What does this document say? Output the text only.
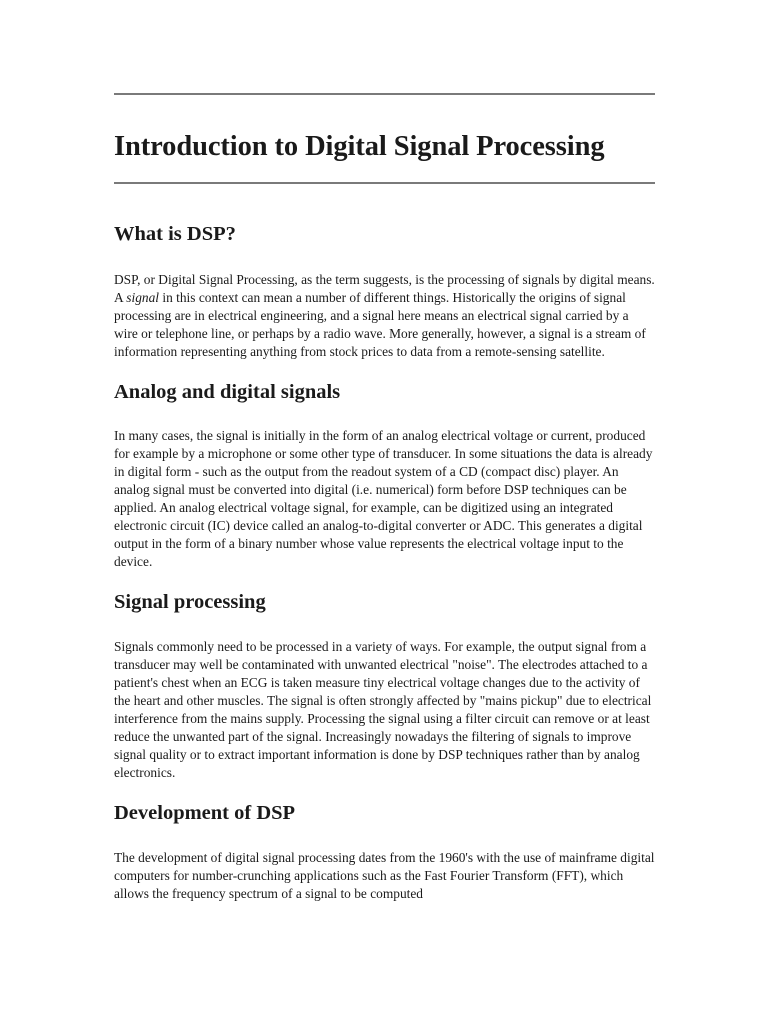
Introduction to Digital Signal Processing
What is DSP?

DSP, or Digital Signal Processing, as the term suggests, is the processing of signals by digital means. A signal in this context can mean a number of different things. Historically the origins of signal processing are in electrical engineering, and a signal here means an electrical signal carried by a wire or telephone line, or perhaps by a radio wave. More generally, however, a signal is a stream of information representing anything from stock prices to data from a remote-sensing satellite.

Analog and digital signals

In many cases, the signal is initially in the form of an analog electrical voltage or current, produced for example by a microphone or some other type of transducer. In some situations the data is already in digital form - such as the output from the readout system of a CD (compact disc) player. An analog signal must be converted into digital (i.e. numerical) form before DSP techniques can be applied. An analog electrical voltage signal, for example, can be digitized using an integrated electronic circuit (IC) device called an analog-to-digital converter or ADC. This generates a digital output in the form of a binary number whose value represents the electrical voltage input to the device.

Signal processing

Signals commonly need to be processed in a variety of ways. For example, the output signal from a transducer may well be contaminated with unwanted electrical "noise". The electrodes attached to a patient's chest when an ECG is taken measure tiny electrical voltage changes due to the activity of the heart and other muscles. The signal is often strongly affected by "mains pickup" due to electrical interference from the mains supply. Processing the signal using a filter circuit can remove or at least reduce the unwanted part of the signal. Increasingly nowadays the filtering of signals to improve signal quality or to extract important information is done by DSP techniques rather than by analog electronics.

Development of DSP

The development of digital signal processing dates from the 1960's with the use of mainframe digital computers for number-crunching applications such as the Fast Fourier Transform (FFT), which allows the frequency spectrum of a signal to be computed
